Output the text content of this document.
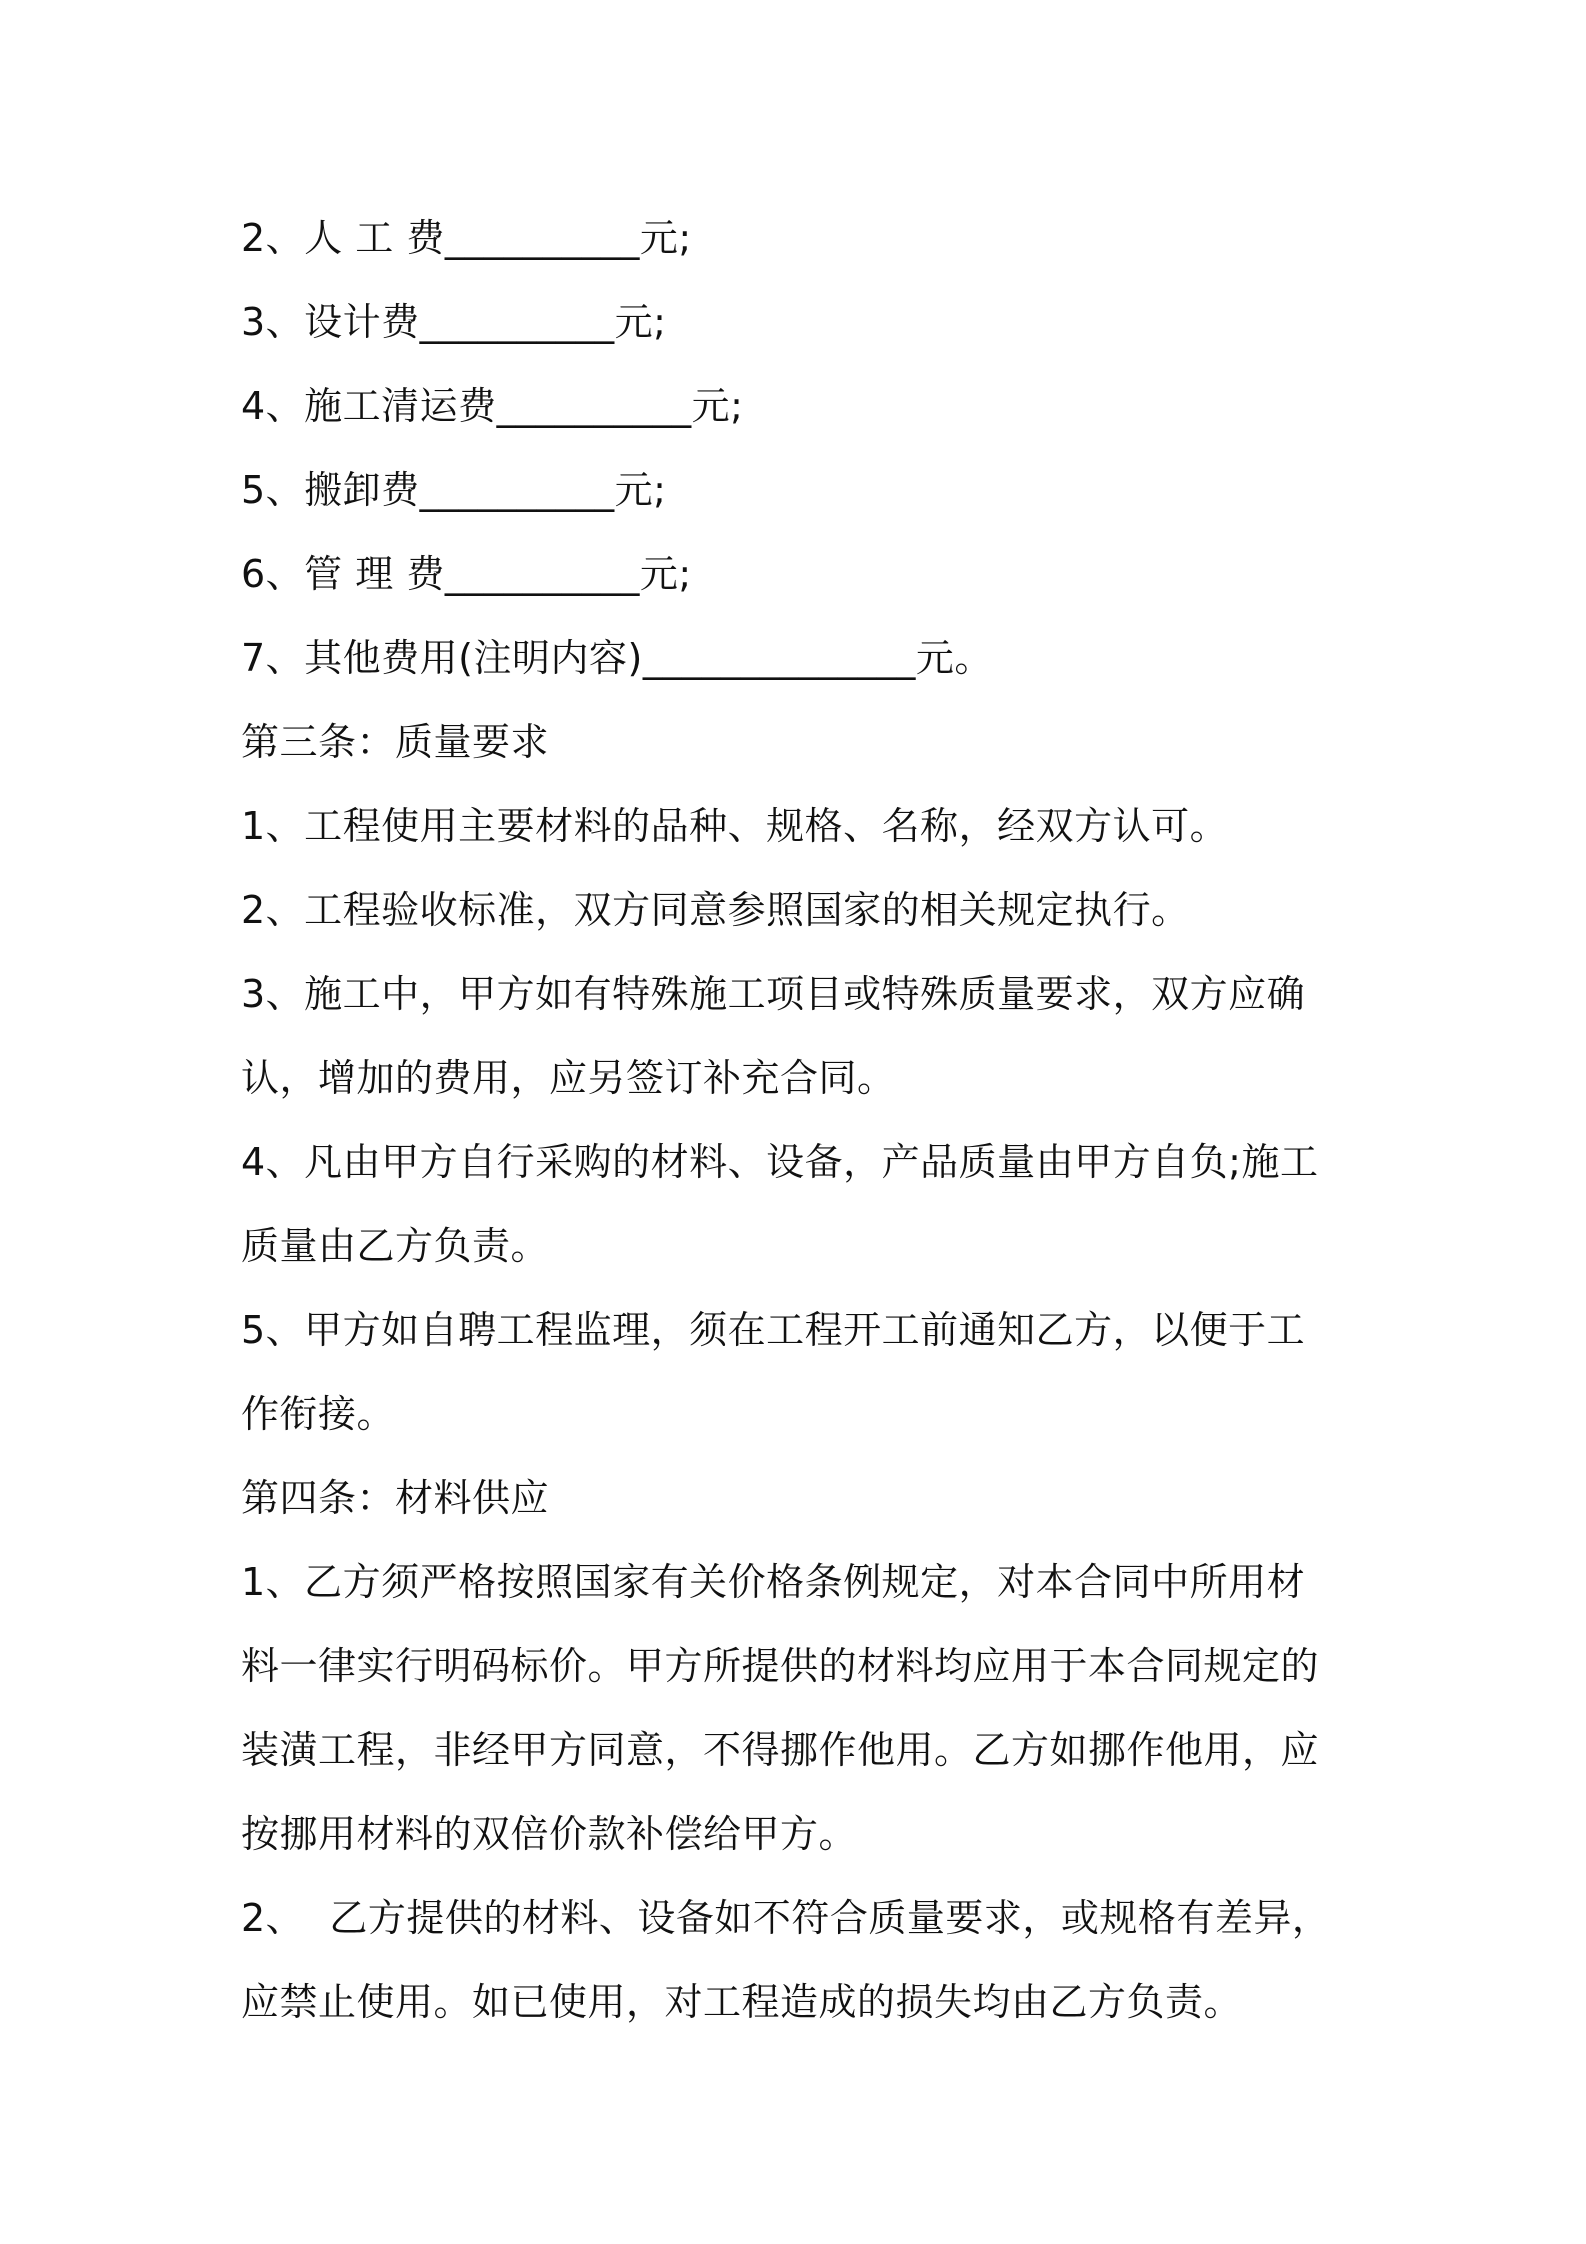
2、人 工 费__________元;
3、设计费__________元;
4、施工清运费__________元;
5、搬卸费__________元;
6、管 理 费__________元;
7、其他费用(注明内容)______________元。
第三条：质量要求
1、工程使用主要材料的品种、规格、名称，经双方认可。
2、工程验收标准，双方同意参照国家的相关规定执行。
3、施工中，甲方如有特殊施工项目或特殊质量要求，双方应确
认，增加的费用，应另签订补充合同。
4、凡由甲方自行采购的材料、设备，产品质量由甲方自负;施工
质量由乙方负责。
5、甲方如自聘工程监理，须在工程开工前通知乙方，以便于工
作衔接。
第四条：材料供应
1、乙方须严格按照国家有关价格条例规定，对本合同中所用材
料一律实行明码标价。甲方所提供的材料均应用于本合同规定的
装潢工程，非经甲方同意，不得挪作他用。乙方如挪作他用，应
按挪用材料的双倍价款补偿给甲方。
2、  乙方提供的材料、设备如不符合质量要求，或规格有差异，
应禁止使用。如已使用，对工程造成的损失均由乙方负责。
